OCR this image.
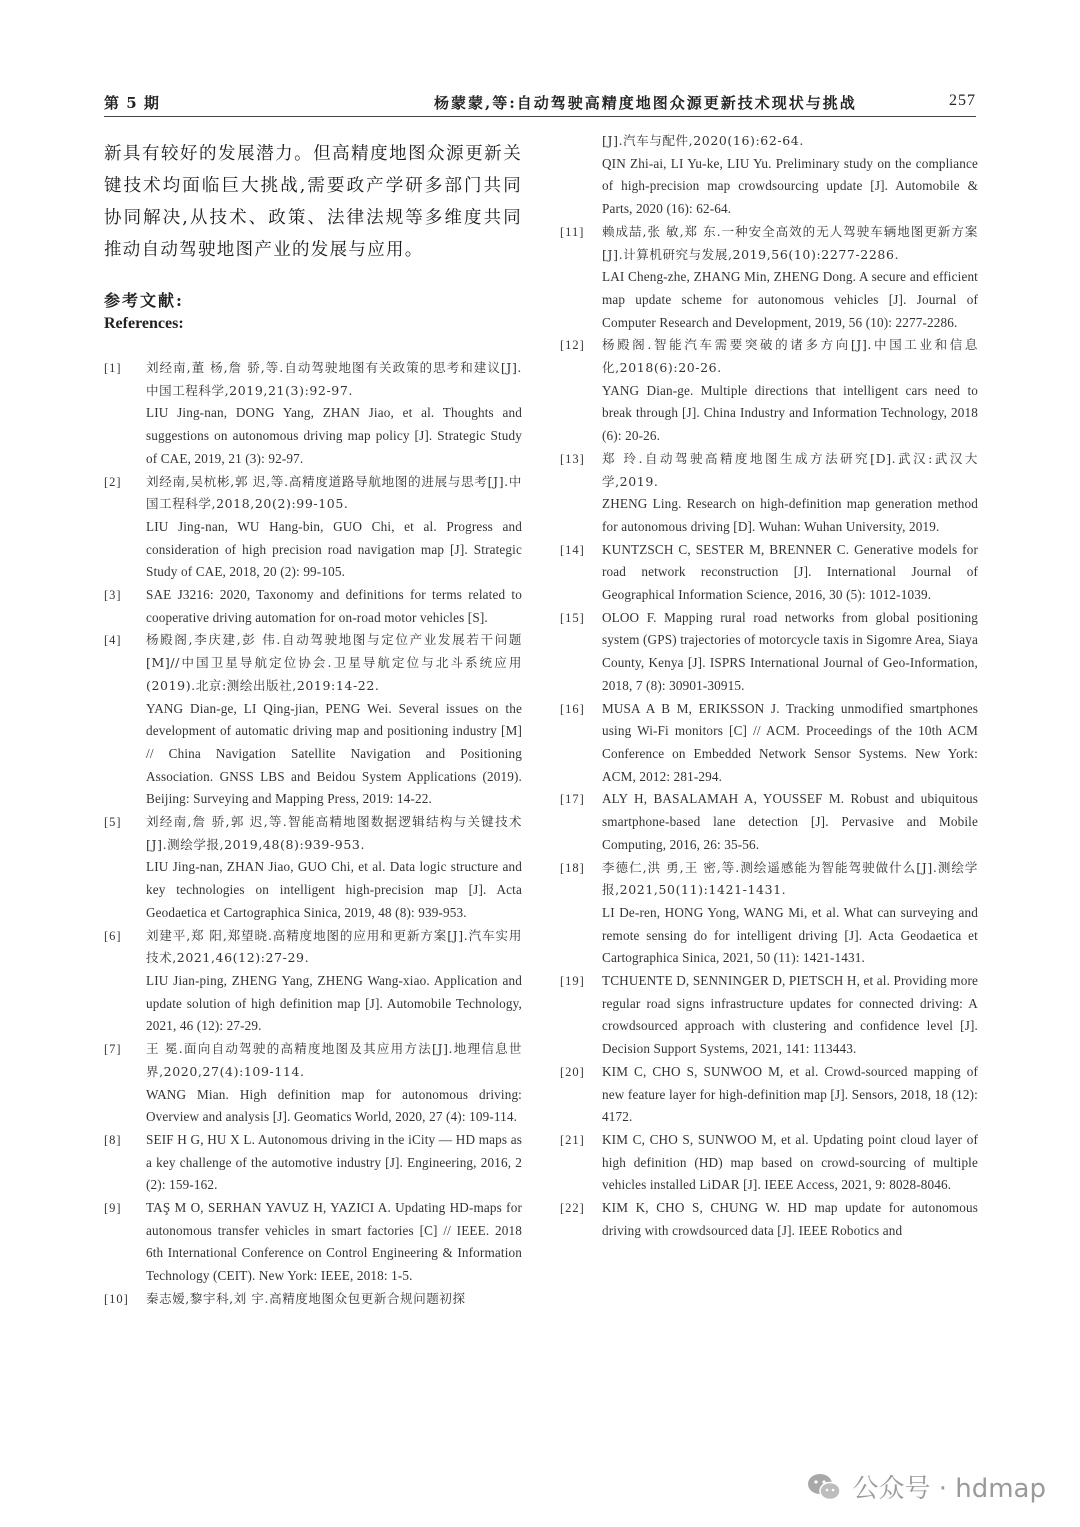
第 5 期	杨蒙蒙,等:自动驾驶高精度地图众源更新技术现状与挑战	257

新具有较好的发展潜力。但高精度地图众源更新关键技术均面临巨大挑战,需要政产学研多部门共同协同解决,从技术、政策、法律法规等多维度共同推动自动驾驶地图产业的发展与应用。

参考文献:
References:
[1]	刘经南,董 杨,詹 骄,等.自动驾驶地图有关政策的思考和建议[J].中国工程科学,2019,21(3):92-97.

LIU Jing-nan, DONG Yang, ZHAN Jiao, et al. Thoughts and suggestions on autonomous driving map policy [J]. Strategic Study of CAE, 2019, 21 (3): 92-97.

[2]	刘经南,吴杭彬,郭 迟,等.高精度道路导航地图的进展与思考[J].中国工程科学,2018,20(2):99-105.

LIU Jing-nan, WU Hang-bin, GUO Chi, et al. Progress and consideration of high precision road navigation map [J]. Strategic Study of CAE, 2018, 20 (2): 99-105.

[3]	SAE J3216: 2020, Taxonomy and definitions for terms related to cooperative driving automation for on-road motor vehicles [S].

[4]	杨殿阁,李庆建,彭 伟.自动驾驶地图与定位产业发展若干问题[M]//中国卫星导航定位协会.卫星导航定位与北斗系统应用(2019).北京:测绘出版社,2019:14-22.

YANG Dian-ge, LI Qing-jian, PENG Wei. Several issues on the development of automatic driving map and positioning industry [M] // China Navigation Satellite Navigation and Positioning Association. GNSS LBS and Beidou System Applications (2019). Beijing: Surveying and Mapping Press, 2019: 14-22.

[5]	刘经南,詹 骄,郭 迟,等.智能高精地图数据逻辑结构与关键技术[J].测绘学报,2019,48(8):939-953.

LIU Jing-nan, ZHAN Jiao, GUO Chi, et al. Data logic structure and key technologies on intelligent high-precision map [J]. Acta Geodaetica et Cartographica Sinica, 2019, 48 (8): 939-953.

[6]	刘建平,郑 阳,郑望晓.高精度地图的应用和更新方案[J].汽车实用技术,2021,46(12):27-29.

LIU Jian-ping, ZHENG Yang, ZHENG Wang-xiao. Application and update solution of high definition map [J]. Automobile Technology, 2021, 46 (12): 27-29.

[7]	王 冕.面向自动驾驶的高精度地图及其应用方法[J].地理信息世界,2020,27(4):109-114.

WANG Mian. High definition map for autonomous driving: Overview and analysis [J]. Geomatics World, 2020, 27 (4): 109-114.

[8]	SEIF H G, HU X L. Autonomous driving in the iCity — HD maps as a key challenge of the automotive industry [J]. Engineering, 2016, 2 (2): 159-162.

[9]	TAŞ M O, SERHAN YAVUZ H, YAZICI A. Updating HD-maps for autonomous transfer vehicles in smart factories [C] // IEEE. 2018 6th International Conference on Control Engineering & Information Technology (CEIT). New York: IEEE, 2018: 1-5.

[10]	秦志嫒,黎宇科,刘 宇.高精度地图众包更新合规问题初探

[J].汽车与配件,2020(16):62-64.

QIN Zhi-ai, LI Yu-ke, LIU Yu. Preliminary study on the compliance of high-precision map crowdsourcing update [J]. Automobile & Parts, 2020 (16): 62-64.

[11]	赖成喆,张 敏,郑 东.一种安全高效的无人驾驶车辆地图更新方案[J].计算机研究与发展,2019,56(10):2277-2286.

LAI Cheng-zhe, ZHANG Min, ZHENG Dong. A secure and efficient map update scheme for autonomous vehicles [J]. Journal of Computer Research and Development, 2019, 56 (10): 2277-2286.

[12]	杨殿阁.智能汽车需要突破的诸多方向[J].中国工业和信息化,2018(6):20-26.

YANG Dian-ge. Multiple directions that intelligent cars need to break through [J]. China Industry and Information Technology, 2018 (6): 20-26.

[13]	郑 玲.自动驾驶高精度地图生成方法研究[D].武汉:武汉大学,2019.

ZHENG Ling. Research on high-definition map generation method for autonomous driving [D]. Wuhan: Wuhan University, 2019.

[14]	KUNTZSCH C, SESTER M, BRENNER C. Generative models for road network reconstruction [J]. International Journal of Geographical Information Science, 2016, 30 (5): 1012-1039.

[15]	OLOO F. Mapping rural road networks from global positioning system (GPS) trajectories of motorcycle taxis in Sigomre Area, Siaya County, Kenya [J]. ISPRS International Journal of Geo-Information, 2018, 7 (8): 30901-30915.

[16]	MUSA A B M, ERIKSSON J. Tracking unmodified smartphones using Wi-Fi monitors [C] // ACM. Proceedings of the 10th ACM Conference on Embedded Network Sensor Systems. New York: ACM, 2012: 281-294.

[17]	ALY H, BASALAMAH A, YOUSSEF M. Robust and ubiquitous smartphone-based lane detection [J]. Pervasive and Mobile Computing, 2016, 26: 35-56.

[18]	李德仁,洪 勇,王 密,等.测绘遥感能为智能驾驶做什么[J].测绘学报,2021,50(11):1421-1431.

LI De-ren, HONG Yong, WANG Mi, et al. What can surveying and remote sensing do for intelligent driving [J]. Acta Geodaetica et Cartographica Sinica, 2021, 50 (11): 1421-1431.

[19]	TCHUENTE D, SENNINGER D, PIETSCH H, et al. Providing more regular road signs infrastructure updates for connected driving: A crowdsourced approach with clustering and confidence level [J]. Decision Support Systems, 2021, 141: 113443.

[20]	KIM C, CHO S, SUNWOO M, et al. Crowd-sourced mapping of new feature layer for high-definition map [J]. Sensors, 2018, 18 (12): 4172.

[21]	KIM C, CHO S, SUNWOO M, et al. Updating point cloud layer of high definition (HD) map based on crowd-sourcing of multiple vehicles installed LiDAR [J]. IEEE Access, 2021, 9: 8028-8046.

[22]	KIM K, CHO S, CHUNG W. HD map update for autonomous driving with crowdsourced data [J]. IEEE Robotics and

公众号 · hdmap
